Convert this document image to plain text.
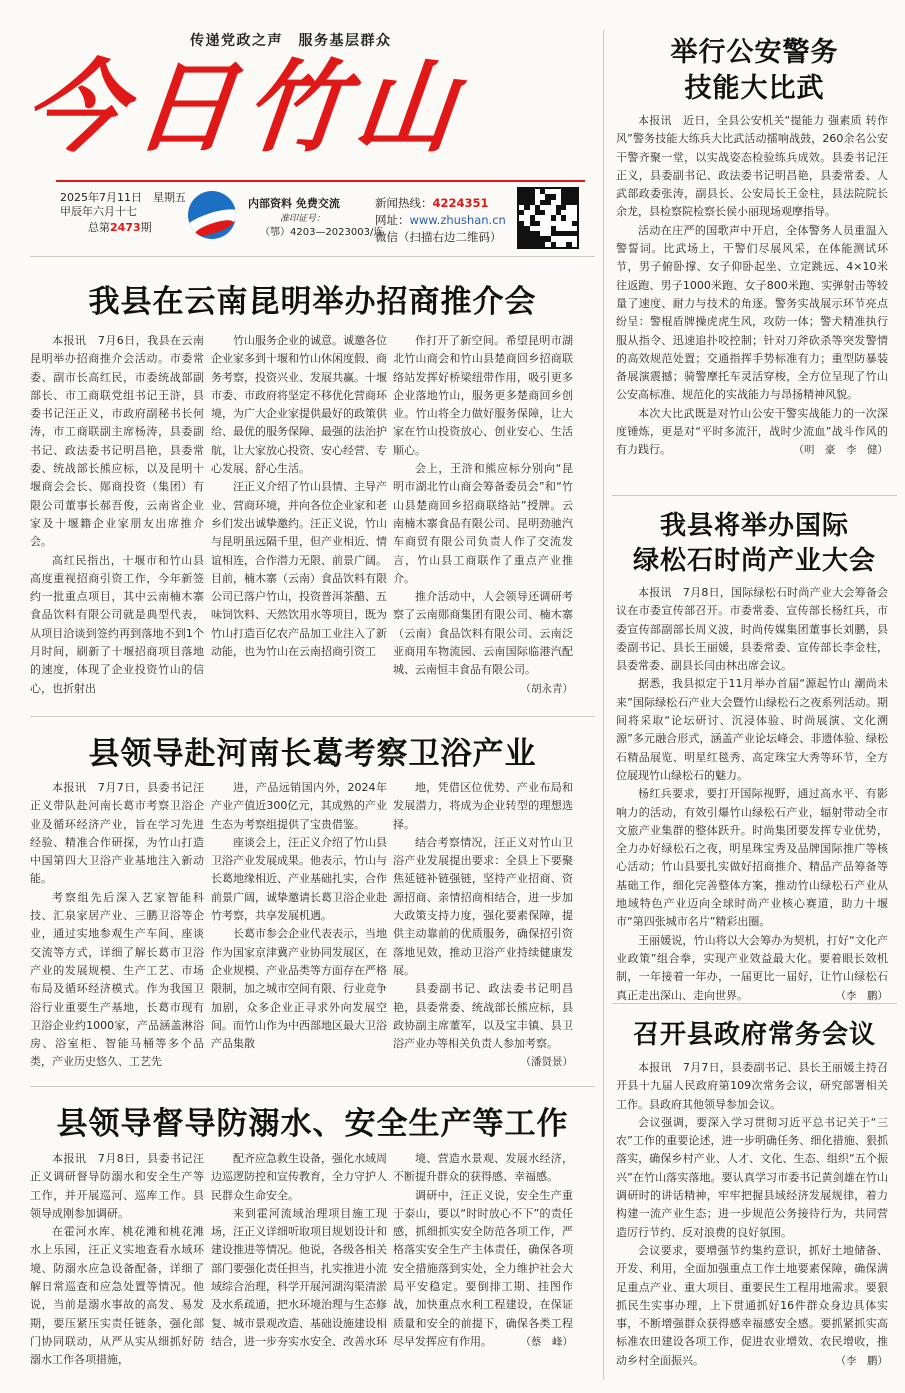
传递党政之声　服务基层群众
今日竹山
2025年7月11日　星期五
甲辰年六月十七
总第2473期
内部资料 免费交流
准印证号：
（鄂）4203—2023003/连
新闻热线：4224351
网址：www.zhushan.cn
微信（扫描右边二维码）
我县在云南昆明举办招商推介会

本报讯　7月6日，我县在云南昆明举办招商推介会活动。市委常委、副市长高红民，市委统战部副部长、市工商联党组书记王浒，县委书记汪正义，市政府副秘书长何涛，市工商联副主席杨涛，县委副书记、政法委书记明昌艳，县委常委、统战部长熊应标，以及昆明十堰商会会长、郧商投资（集团）有限公司董事长郝吾俊，云南省企业家及十堰籍企业家朋友出席推介会。

高红民指出，十堰市和竹山县高度重视招商引资工作，今年新签约一批重点项目，其中云南楠木寨食品饮料有限公司就是典型代表，从项目洽谈到签约再到落地不到1个月时间，刷新了十堰招商项目落地的速度，体现了企业投资竹山的信心，也折射出

竹山服务企业的诚意。诚邀各位企业家多到十堰和竹山休闲度假、商务考察，投资兴业、发展共赢。十堰市委、市政府将坚定不移优化营商环境，为广大企业家提供最好的政策供给、最优的服务保障、最强的法治护航，让大家放心投资、安心经营、专心发展、舒心生活。

汪正义介绍了竹山县情、主导产业、营商环境，并向各位企业家和老乡们发出诚挚邀约。汪正义说，竹山与昆明虽远隔千里，但产业相近、情谊相连，合作潜力无限、前景广阔。目前，楠木寨（云南）食品饮料有限公司已落户竹山，投资普洱茶醋、五味饲饮料、天然饮用水等项目，既为竹山打造百亿农产品加工业注入了新动能，也为竹山在云南招商引资工

作打开了新空间。希望昆明市湖北竹山商会和竹山县楚商回乡招商联络站发挥好桥梁纽带作用，吸引更多企业落地竹山，服务更多楚商回乡创业。竹山将全力做好服务保障，让大家在竹山投资放心、创业安心、生活顺心。

会上，王浒和熊应标分别向“昆明市湖北竹山商会筹备委员会”和“竹山县楚商回乡招商联络站”授牌。云南楠木寨食品有限公司、昆明劲驰汽车商贸有限公司负责人作了交流发言，竹山县工商联作了重点产业推介。

推介活动中，人会领导还调研考察了云南郧商集团有限公司、楠木寨（云南）食品饮料有限公司、云南泛亚商用车物流园、云南国际临港汽配城、云南恒丰食品有限公司。
（胡永青）

县领导赴河南长葛考察卫浴产业

本报讯　7月7日，县委书记汪正义带队赴河南长葛市考察卫浴企业及循环经济产业，旨在学习先进经验、精准合作研探，为竹山打造中国第四大卫浴产业基地注入新动能。

考察组先后深入艺家智能科技、汇泉家居产业、三鹏卫浴等企业，通过实地参观生产车间、座谈交流等方式，详细了解长葛市卫浴产业的发展规模、生产工艺、市场布局及循环经济模式。作为我国卫浴行业重要生产基地，长葛市现有卫浴企业约1000家，产品涵盖淋浴房、浴室柜、智能马桶等多个品类，产业历史悠久、工艺先

进，产品远销国内外，2024年产业产值近300亿元，其成熟的产业生态为考察组提供了宝贵借鉴。

座谈会上，汪正义介绍了竹山县卫浴产业发展成果。他表示，竹山与长葛地缘相近、产业基础扎实，合作前景广阔，诚挚邀请长葛卫浴企业赴竹考察，共享发展机遇。

长葛市参会企业代表表示，当地作为国家京津冀产业协同发展区，在企业规模、产业品类等方面存在严格限制，加之城市空间有限、行业竞争加剧，众多企业正寻求外向发展空间。而竹山作为中西部地区最大卫浴产品集散

地，凭借区位优势、产业布局和发展潜力，将成为企业转型的理想选择。

结合考察情况，汪正义对竹山卫浴产业发展提出要求：全县上下要聚焦延链补链强链，坚持产业招商、资源招商、亲情招商相结合，进一步加大政策支持力度，强化要素保障，提供主动靠前的优质服务，确保招引资落地见效，推动卫浴产业持续健康发展。

县委副书记、政法委书记明昌艳，县委常委、统战部长熊应标，县政协副主席董军，以及宝丰镇、县卫浴产业办等相关负责人参加考察。
（潘贤景）

县领导督导防溺水、安全生产等工作

本报讯　7月8日，县委书记汪正义调研督导防溺水和安全生产等工作，并开展巡河、巡库工作。县领导成刚参加调研。

在霍河水库、桃花滩和桃花滩水上乐园，汪正义实地查看水域环境、防溺水应急设备配备，详细了解日常巡查和应急处置等情况。他说，当前是溺水事故的高发、易发期，要压紧压实责任链条，强化部门协同联动，从严从实从细抓好防溺水工作各项措施，

配齐应急救生设备，强化水域周边巡逻防控和宣传教育，全力守护人民群众生命安全。

来到霍河流域治理项目施工现场，汪正义详细听取项目规划设计和建设推进等情况。他说，各级各相关部门要强化责任担当，扎实推进小流域综合治理，科学开展河湖沟渠清淤及水系疏通，把水环境治理与生态修复、城市景观改造、基础设施建设相结合，进一步夯实水安全、改善水环

境、营造水景观、发展水经济，不断提升群众的获得感、幸福感。

调研中，汪正义说，安全生产重于泰山，要以“时时放心不下”的责任感，抓细抓实安全防范各项工作，严格落实安全生产主体责任，确保各项安全措施落到实处，全力维护社会大局平安稳定。要倒排工期、挂图作战，加快重点水利工程建设，在保证质量和安全的前提下，确保各类工程尽早发挥应有作用。	（蔡　峰）

举行公安警务
技能大比武

本报讯　近日，全县公安机关“提能力 强素质 转作风”警务技能大练兵大比武活动擂响战鼓，260余名公安干警齐聚一堂，以实战姿态检验练兵成效。县委书记汪正义，县委副书记、政法委书记明昌艳，县委常委、人武部政委张涛，副县长、公安局长王金柱，县法院院长余龙，县检察院检察长侯小丽现场观摩指导。

活动在庄严的国歌声中开启，全体警务人员重温入警誓词。比武场上，干警们尽展风采，在体能测试环节，男子俯卧撑、女子仰卧起坐、立定跳远、4×10米往返跑、男子1000米跑、女子800米跑、实弹射击等较量了速度、耐力与技术的角逐。警务实战展示环节亮点纷呈：警棍盾牌操虎虎生风，攻防一体；警犬精准执行服从指令、迅速追扑咬控制；针对刀斧砍杀等突发警情的高效规范处置；交通指挥手势标准有力；重型防暴装备展演震撼；骑警摩托车灵活穿梭，全方位呈现了竹山公安高标准、规范化的实战能力与昂扬精神风貌。

本次大比武既是对竹山公安干警实战能力的一次深度锤炼，更是对“平时多流汗，战时少流血”战斗作风的有力践行。	（明　豪　李　健）

我县将举办国际
绿松石时尚产业大会

本报讯　7月8日，国际绿松石时尚产业大会筹备会议在市委宣传部召开。市委常委、宣传部长杨红兵，市委宣传部副部长周义波，时尚传媒集团董事长刘鹏，县委副书记、县长王丽媛，县委常委、宣传部长李金柱，县委常委、副县长闫由林出席会议。

据悉，我县拟定于11月举办首届“源起竹山 潮尚未来”国际绿松石产业大会暨竹山绿松石之夜系列活动。期间将采取“论坛研讨、沉浸体验、时尚展演、文化溯源”多元融合形式，涵盖产业论坛峰会、非遗体验、绿松石精品展览、明星红毯秀、高定珠宝大秀等环节，全方位展现竹山绿松石的魅力。

杨红兵要求，要打开国际视野，通过高水平、有影响力的活动，有效引爆竹山绿松石产业，辐射带动全市文旅产业集群的整体跃升。时尚集团要发挥专业优势，全力办好绿松石之夜，明星珠宝秀及品牌国际推广等核心活动；竹山县要扎实做好招商推介、精品产品筹备等基础工作，细化完善整体方案，推动竹山绿松石产业从地域特色产业迈向全球时尚产业核心赛道，助力十堰市“第四张城市名片”精彩出圈。

王丽媛说，竹山将以大会筹办为契机，打好“文化产业政策”组合拳，实现产业效益最大化。要着眼长效机制，一年接着一年办，一届更比一届好，让竹山绿松石真正走出深山、走向世界。	（李　鹏）

召开县政府常务会议

本报讯　7月7日，县委副书记、县长王丽媛主持召开县十九届人民政府第109次常务会议，研究部署相关工作。县政府其他领导参加会议。

会议强调，要深入学习贯彻习近平总书记关于“三农”工作的重要论述，进一步明确任务、细化措施、狠抓落实，确保乡村产业、人才、文化、生态、组织“五个振兴”在竹山落实落地。要认真学习市委书记黄剑雄在竹山调研时的讲话精神，牢牢把握县域经济发展规律，着力构建一流产业生态；进一步规范公务接待行为，共同营造厉行节约、反对浪费的良好氛围。

会议要求，要增强节约集约意识，抓好土地储备、开发、利用，全面加强重点工作土地要素保障，确保满足重点产业、重大项目、重要民生工程用地需求。要狠抓民生实事办理，上下贯通抓好16件群众身边具体实事，不断增强群众获得感幸福感安全感。要抓紧抓实高标准农田建设各项工作，促进农业增效、农民增收，推动乡村全面振兴。	（李　鹏）
